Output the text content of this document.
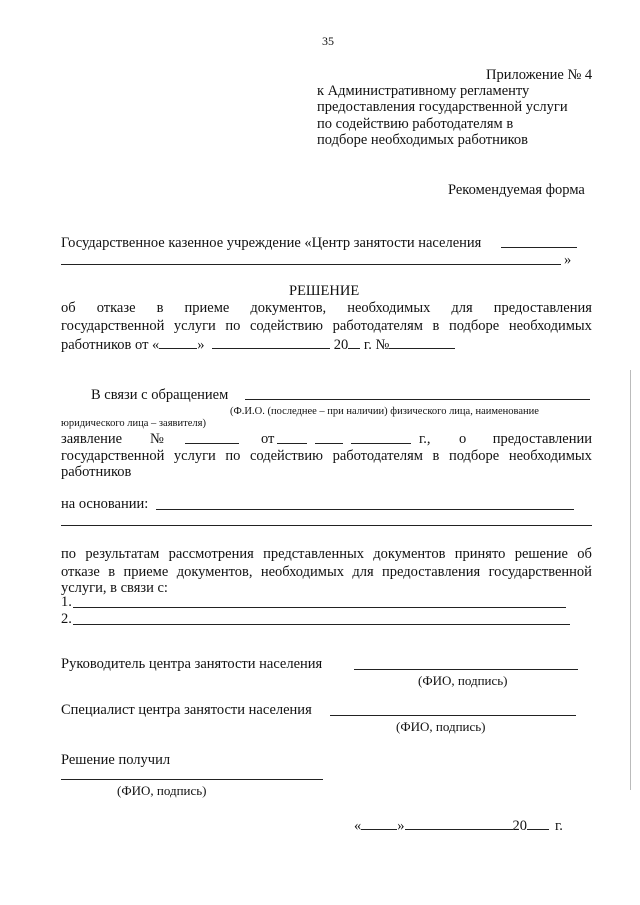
35
Приложение № 4
к Административному регламенту
предоставления государственной услуги
по содействию работодателям в
подборе необходимых работников
Рекомендуемая форма
Государственное казенное учреждение «Центр занятости населения
»
РЕШЕНИЕ
об отказе в приеме документов, необходимых для предоставления
государственной услуги по содействию работодателям в подборе необходимых
работников от «	»	20 г. №
В связи с обращением
(Ф.И.О. (последнее – при наличии) физического лица, наименование
юридического лица – заявителя)
заявление №	от	г., о предоставлении
государственной услуги по содействию работодателям в подборе необходимых
работников
на основании:
по результатам рассмотрения представленных документов принято решение об
отказе в приеме документов, необходимых для предоставления государственной
услуги, в связи с:
1.
2.
Руководитель центра занятости населения
(ФИО, подпись)
Специалист центра занятости населения
(ФИО, подпись)
Решение получил
(ФИО, подпись)
« »	20 г.
